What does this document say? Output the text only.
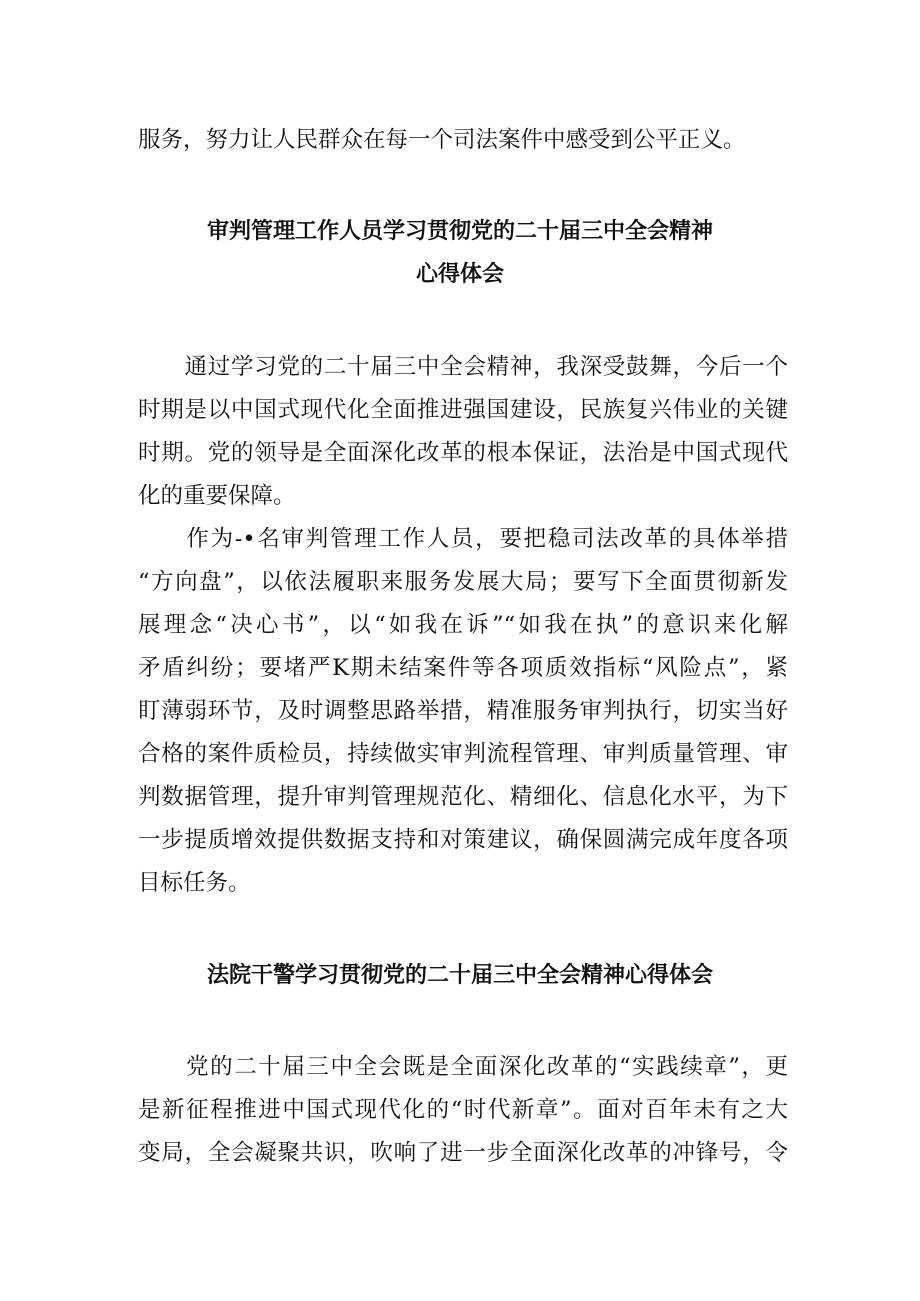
服务，努力让人民群众在每一个司法案件中感受到公平正义。
审判管理工作人员学习贯彻党的二十届三中全会精神
心得体会
　　通过学习党的二十届三中全会精神，我深受鼓舞，今后一个
时期是以中国式现代化全面推进强国建设，民族复兴伟业的关键
时期。党的领导是全面深化改革的根本保证，法治是中国式现代
化的重要保障。
　　作为-•名审判管理工作人员，要把稳司法改革的具体举措
“方向盘”，以依法履职来服务发展大局；要写下全面贯彻新发
展理念“决心书”，以“如我在诉”“如我在执”的意识来化解
矛盾纠纷；要堵严K期未结案件等各项质效指标“风险点”，紧
盯薄弱环节，及时调整思路举措，精准服务审判执行，切实当好
合格的案件质检员，持续做实审判流程管理、审判质量管理、审
判数据管理，提升审判管理规范化、精细化、信息化水平，为下
一步提质增效提供数据支持和对策建议，确保圆满完成年度各项
目标任务。
法院干警学习贯彻党的二十届三中全会精神心得体会
　　党的二十届三中全会既是全面深化改革的“实践续章”，更
是新征程推进中国式现代化的“时代新章”。面对百年未有之大
变局，全会凝聚共识，吹响了进一步全面深化改革的冲锋号，令
